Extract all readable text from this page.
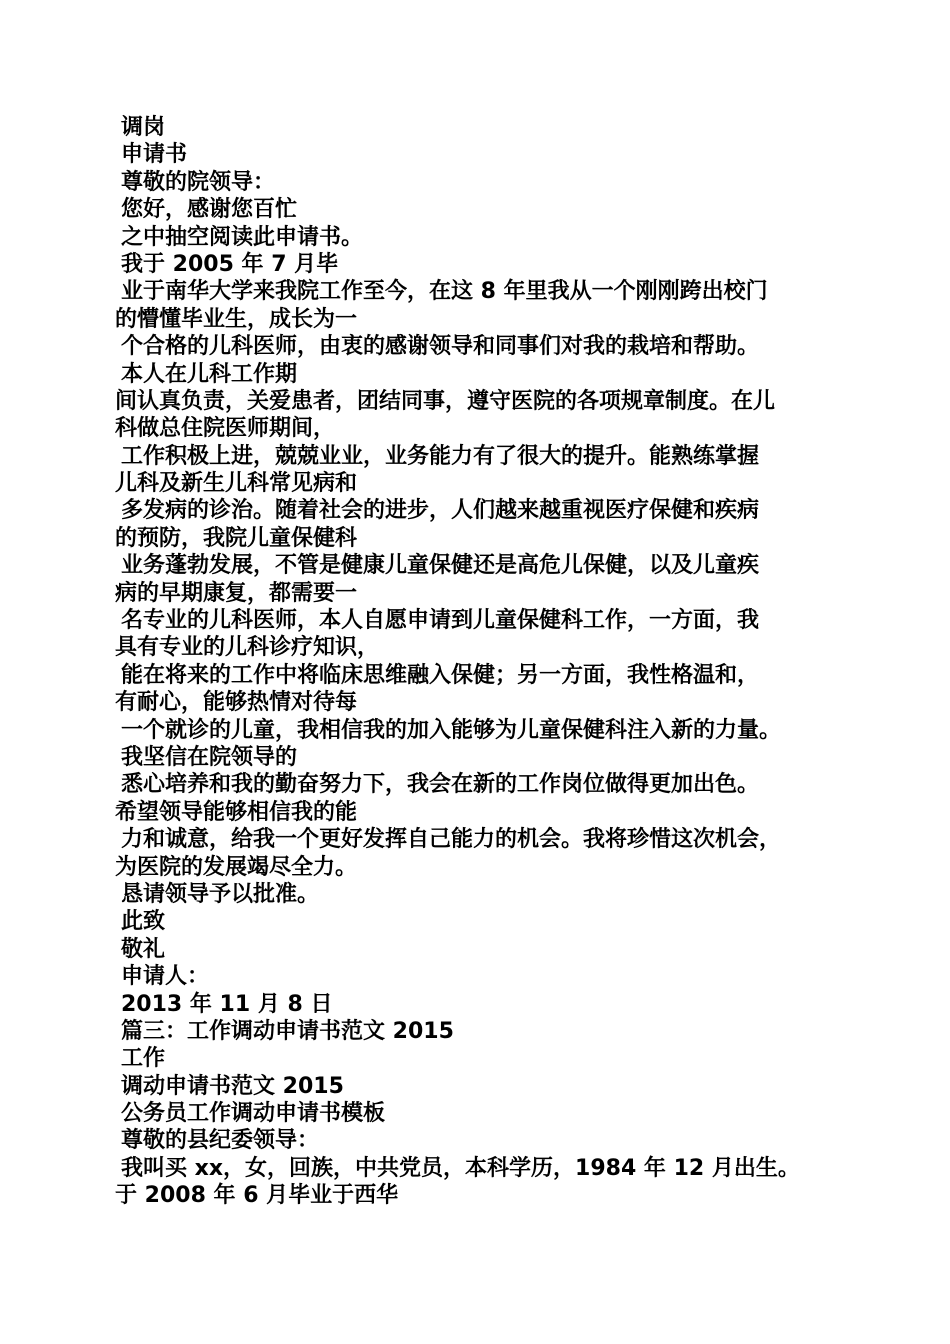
调岗
申请书
尊敬的院领导：
您好，感谢您百忙
之中抽空阅读此申请书。
我于 2005 年 7 月毕
业于南华大学来我院工作至今，在这 8 年里我从一个刚刚跨出校门
的懵懂毕业生，成长为一
个合格的儿科医师，由衷的感谢领导和同事们对我的栽培和帮助。
本人在儿科工作期
间认真负责，关爱患者，团结同事，遵守医院的各项规章制度。在儿
科做总住院医师期间，
工作积极上进，兢兢业业，业务能力有了很大的提升。能熟练掌握
儿科及新生儿科常见病和
多发病的诊治。随着社会的进步，人们越来越重视医疗保健和疾病
的预防，我院儿童保健科
业务蓬勃发展，不管是健康儿童保健还是高危儿保健，以及儿童疾
病的早期康复，都需要一
名专业的儿科医师，本人自愿申请到儿童保健科工作，一方面，我
具有专业的儿科诊疗知识，
能在将来的工作中将临床思维融入保健；另一方面，我性格温和，
有耐心，能够热情对待每
一个就诊的儿童，我相信我的加入能够为儿童保健科注入新的力量。
我坚信在院领导的
悉心培养和我的勤奋努力下，我会在新的工作岗位做得更加出色。
希望领导能够相信我的能
力和诚意，给我一个更好发挥自己能力的机会。我将珍惜这次机会，
为医院的发展竭尽全力。
恳请领导予以批准。
此致
敬礼
申请人：
2013 年 11 月 8 日
篇三：工作调动申请书范文 2015
工作
调动申请书范文 2015
公务员工作调动申请书模板
尊敬的县纪委领导：
我叫买 xx，女，回族，中共党员，本科学历，1984 年 12 月出生。
于 2008 年 6 月毕业于西华
